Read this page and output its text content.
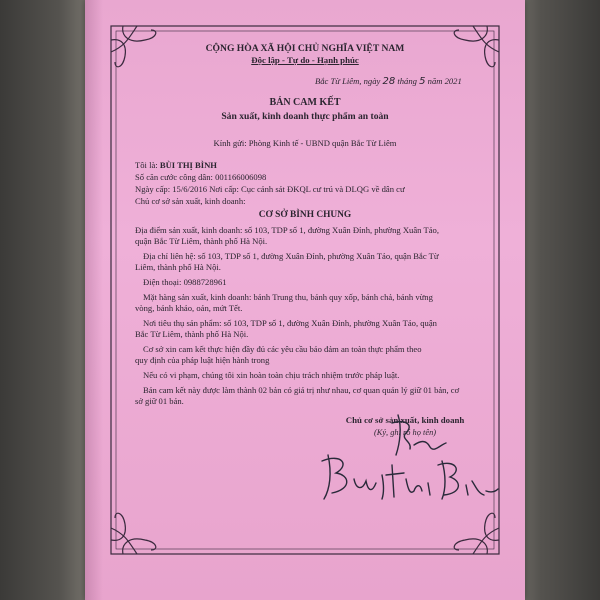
CỘNG HÒA XÃ HỘI CHỦ NGHĨA VIỆT NAM
Độc lập - Tự do - Hạnh phúc
Bắc Từ Liêm, ngày 28 tháng 5 năm 2021
BẢN CAM KẾT
Sản xuất, kinh doanh thực phẩm an toàn
Kính gửi: Phòng Kinh tế - UBND quận Bắc Từ Liêm
Tôi là: BÙI THỊ BÌNH
Số căn cước công dân: 001166006098
Ngày cấp: 15/6/2016 Nơi cấp: Cục cảnh sát ĐKQL cư trú và DLQG về dân cư
Chủ cơ sở sản xuất, kinh doanh:
CƠ SỞ BÌNH CHUNG
Địa điểm sản xuất, kinh doanh: số 103, TDP số 1, đường Xuân Đỉnh, phường Xuân Tảo,
quận Bắc Từ Liêm, thành phố Hà Nội.
Địa chỉ liên hệ: số 103, TDP số 1, đường Xuân Đỉnh, phường Xuân Tảo, quận Bắc Từ
Liêm, thành phố Hà Nội.
Điện thoại: 0988728961
Mặt hàng sản xuất, kinh doanh: bánh Trung thu, bánh quy xốp, bánh chả, bánh vừng
vòng, bánh khảo, oản, mứt Tết.
Nơi tiêu thụ sản phẩm: số 103, TDP số 1, đường Xuân Đỉnh, phường Xuân Tảo, quận
Bắc Từ Liêm, thành phố Hà Nội.
Cơ sở xin cam kết thực hiện đầy đủ các yêu cầu bảo đảm an toàn thực phẩm theo
quy định của pháp luật hiện hành trong
Nếu có vi phạm, chúng tôi xin hoàn toàn chịu trách nhiệm trước pháp luật.
Bản cam kết này được làm thành 02 bản có giá trị như nhau, cơ quan quản lý giữ 01 bản, cơ
sở giữ 01 bản.
Chủ cơ sở sản xuất, kinh doanh
(Ký, ghi rõ họ tên)
